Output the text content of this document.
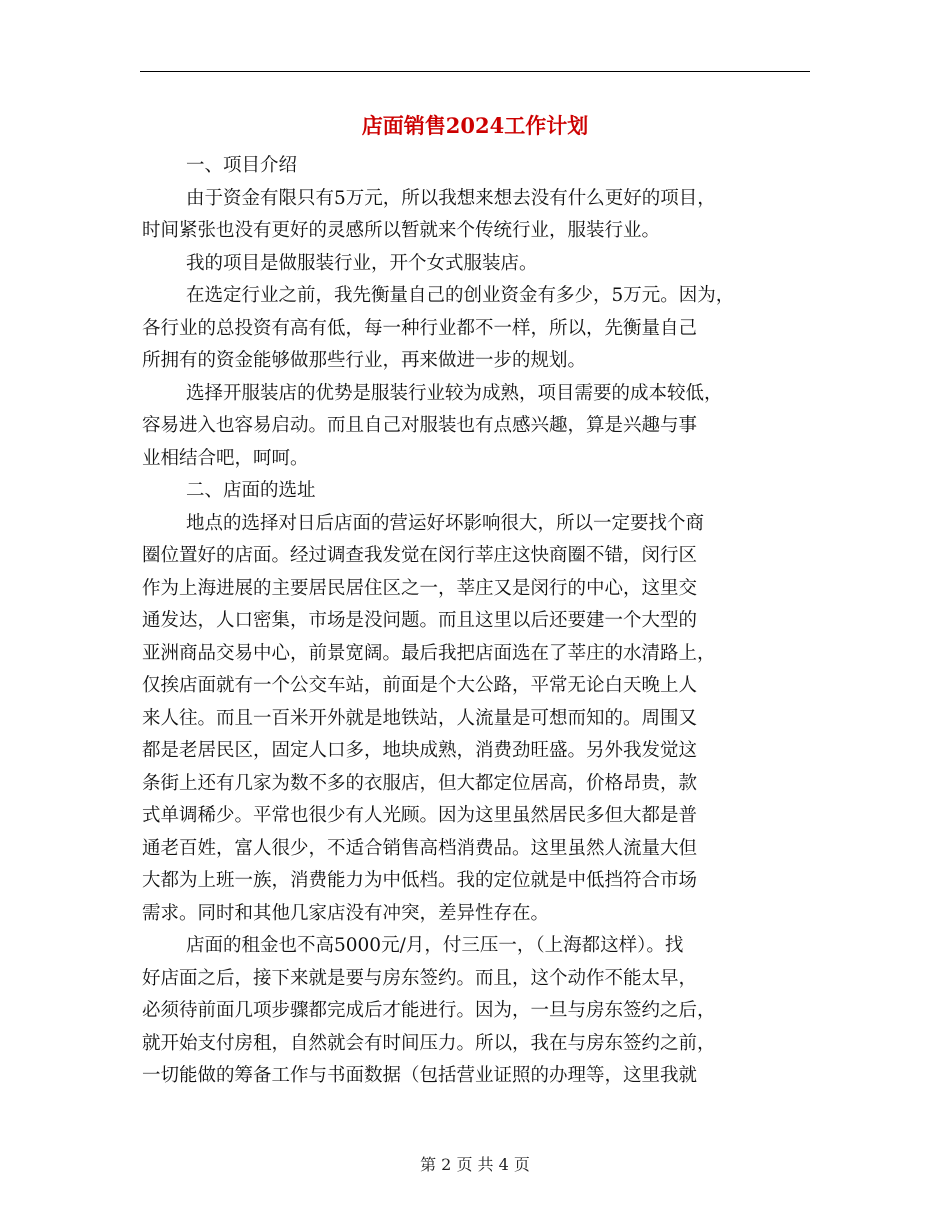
店面销售2024工作计划
一、项目介绍
由于资金有限只有5万元，所以我想来想去没有什么更好的项目，
时间紧张也没有更好的灵感所以暂就来个传统行业，服装行业。
我的项目是做服装行业，开个女式服装店。
在选定行业之前，我先衡量自己的创业资金有多少，5万元。因为，
各行业的总投资有高有低，每一种行业都不一样，所以，先衡量自己
所拥有的资金能够做那些行业，再来做进一步的规划。
选择开服装店的优势是服装行业较为成熟，项目需要的成本较低，
容易进入也容易启动。而且自己对服装也有点感兴趣，算是兴趣与事
业相结合吧，呵呵。
二、店面的选址
地点的选择对日后店面的营运好坏影响很大，所以一定要找个商
圈位置好的店面。经过调查我发觉在闵行莘庄这快商圈不错，闵行区
作为上海进展的主要居民居住区之一，莘庄又是闵行的中心，这里交
通发达，人口密集，市场是没问题。而且这里以后还要建一个大型的
亚洲商品交易中心，前景宽阔。最后我把店面选在了莘庄的水清路上，
仅挨店面就有一个公交车站，前面是个大公路，平常无论白天晚上人
来人往。而且一百米开外就是地铁站，人流量是可想而知的。周围又
都是老居民区，固定人口多，地块成熟，消费劲旺盛。另外我发觉这
条街上还有几家为数不多的衣服店，但大都定位居高，价格昂贵，款
式单调稀少。平常也很少有人光顾。因为这里虽然居民多但大都是普
通老百姓，富人很少，不适合销售高档消费品。这里虽然人流量大但
大都为上班一族，消费能力为中低档。我的定位就是中低挡符合市场
需求。同时和其他几家店没有冲突，差异性存在。
店面的租金也不高5000元/月，付三压一，（上海都这样）。找
好店面之后，接下来就是要与房东签约。而且，这个动作不能太早，
必须待前面几项步骤都完成后才能进行。因为，一旦与房东签约之后，
就开始支付房租，自然就会有时间压力。所以，我在与房东签约之前，
一切能做的筹备工作与书面数据（包括营业证照的办理等，这里我就
第 2 页 共 4 页
